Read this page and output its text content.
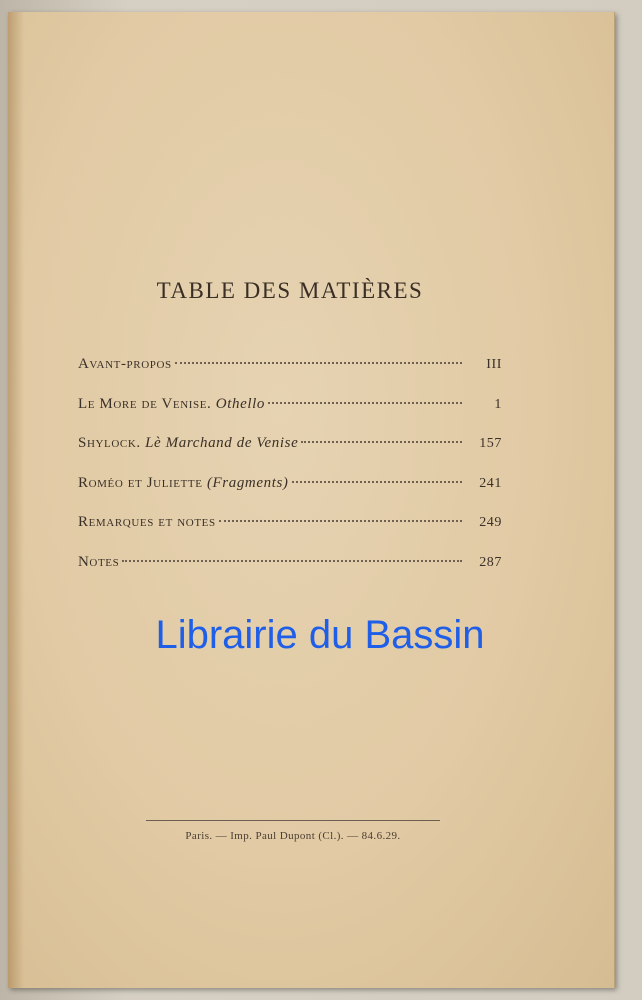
TABLE DES MATIÈRES
Avant-propos	III
Le More de Venise.
Othello	1
Shylock.
Lè Marchand de Venise	157
Roméo et Juliette
(Fragments)	241
Remarques et notes	249
Notes	287
Librairie du Bassin
Paris. — Imp. Paul Dupont (Cl.). — 84.6.29.
